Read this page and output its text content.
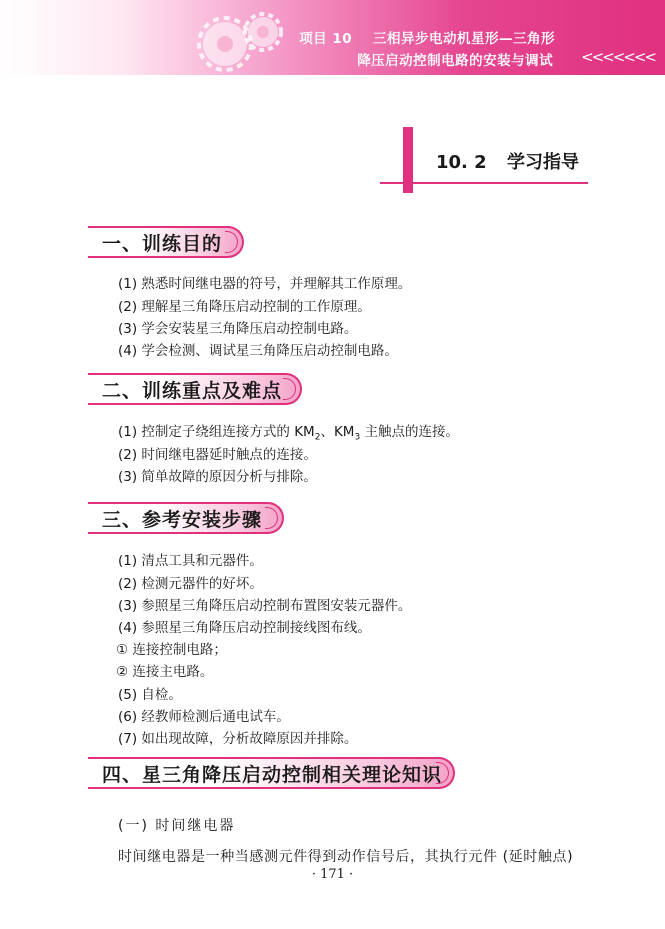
项目 10 三相异步电动机星形—三角形
降压启动控制电路的安装与调试 <<<<<<<
10. 2 学习指导
一、训练目的
(1) 熟悉时间继电器的符号，并理解其工作原理。
(2) 理解星三角降压启动控制的工作原理。
(3) 学会安装星三角降压启动控制电路。
(4) 学会检测、调试星三角降压启动控制电路。
二、训练重点及难点
(1) 控制定子绕组连接方式的 $KM_2$、$KM_3$ 主触点的连接。
(2) 时间继电器延时触点的连接。
(3) 简单故障的原因分析与排除。
三、参考安装步骤
(1) 清点工具和元器件。
(2) 检测元器件的好坏。
(3) 参照星三角降压启动控制布置图安装元器件。
(4) 参照星三角降压启动控制接线图布线。
① 连接控制电路；
② 连接主电路。
(5) 自检。
(6) 经教师检测后通电试车。
(7) 如出现故障，分析故障原因并排除。
四、星三角降压启动控制相关理论知识
(一) 时间继电器
时间继电器是一种当感测元件得到动作信号后，其执行元件 (延时触点)
· 171 ·
